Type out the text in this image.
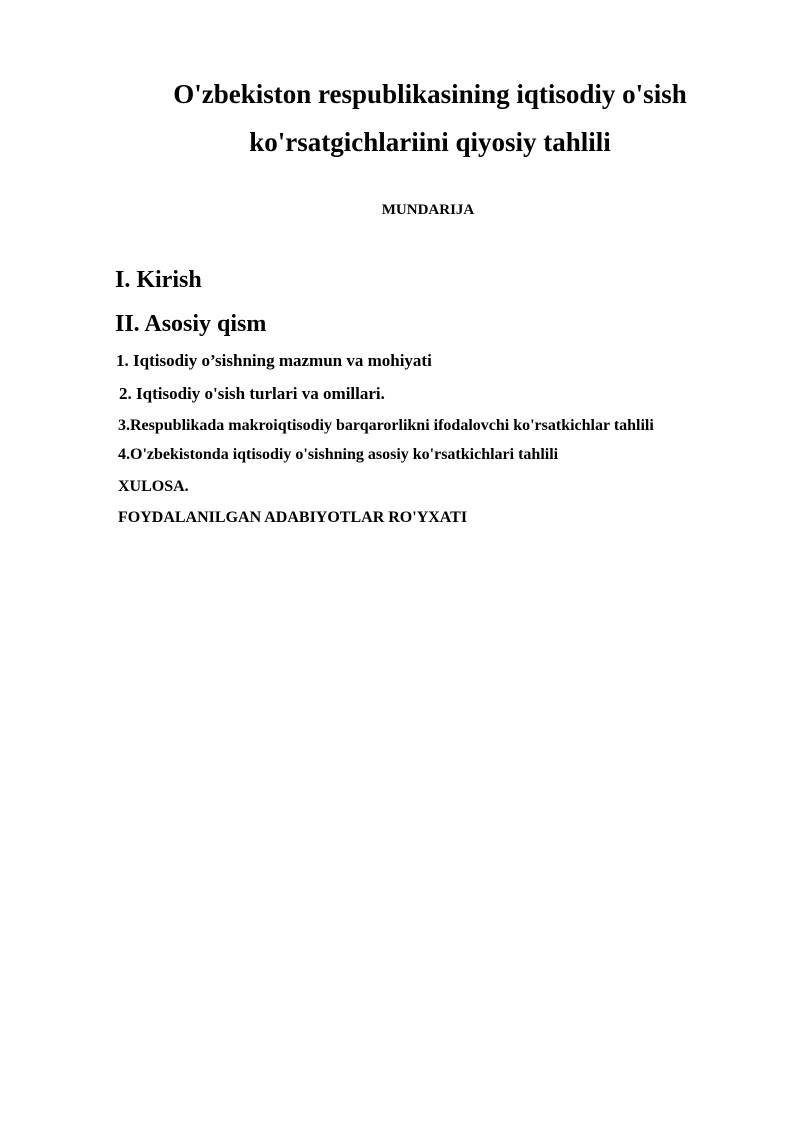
O'zbekiston respublikasining iqtisodiy o'sish
ko'rsatgichlariini qiyosiy tahlili
MUNDARIJA
I. Kirish
II. Asosiy qism
1. Iqtisodiy o’sishning mazmun va mohiyati
2. Iqtisodiy o'sish turlari va omillari.
3.Respublikada makroiqtisodiy barqarorlikni ifodalovchi ko'rsatkichlar tahlili
4.O'zbekistonda iqtisodiy o'sishning asosiy ko'rsatkichlari tahlili
XULOSA.
FOYDALANILGAN ADABIYOTLAR RO'YXATI
